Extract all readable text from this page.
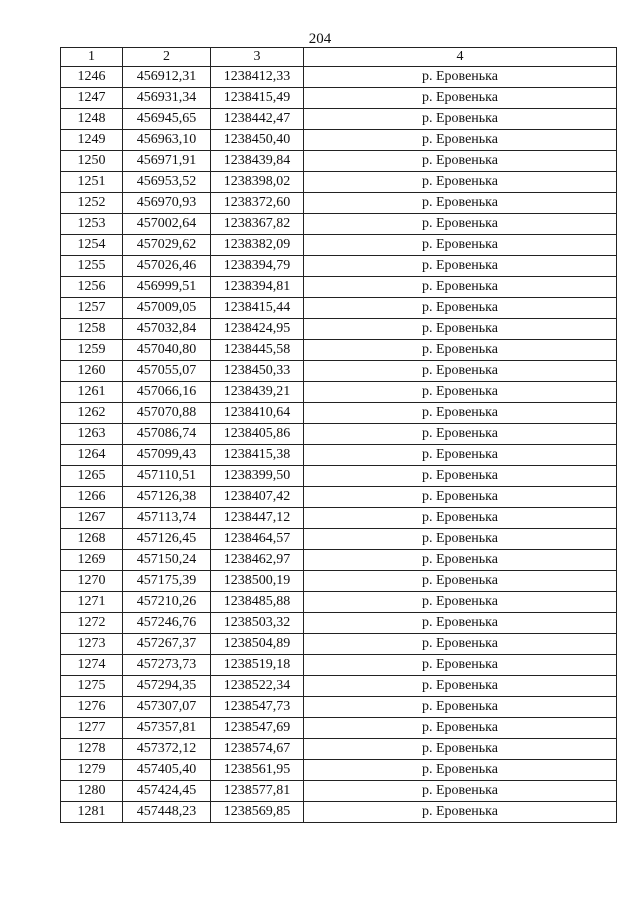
204
1	2	3	4
1246	456912,31	1238412,33	р. Еровенька
1247	456931,34	1238415,49	р. Еровенька
1248	456945,65	1238442,47	р. Еровенька
1249	456963,10	1238450,40	р. Еровенька
1250	456971,91	1238439,84	р. Еровенька
1251	456953,52	1238398,02	р. Еровенька
1252	456970,93	1238372,60	р. Еровенька
1253	457002,64	1238367,82	р. Еровенька
1254	457029,62	1238382,09	р. Еровенька
1255	457026,46	1238394,79	р. Еровенька
1256	456999,51	1238394,81	р. Еровенька
1257	457009,05	1238415,44	р. Еровенька
1258	457032,84	1238424,95	р. Еровенька
1259	457040,80	1238445,58	р. Еровенька
1260	457055,07	1238450,33	р. Еровенька
1261	457066,16	1238439,21	р. Еровенька
1262	457070,88	1238410,64	р. Еровенька
1263	457086,74	1238405,86	р. Еровенька
1264	457099,43	1238415,38	р. Еровенька
1265	457110,51	1238399,50	р. Еровенька
1266	457126,38	1238407,42	р. Еровенька
1267	457113,74	1238447,12	р. Еровенька
1268	457126,45	1238464,57	р. Еровенька
1269	457150,24	1238462,97	р. Еровенька
1270	457175,39	1238500,19	р. Еровенька
1271	457210,26	1238485,88	р. Еровенька
1272	457246,76	1238503,32	р. Еровенька
1273	457267,37	1238504,89	р. Еровенька
1274	457273,73	1238519,18	р. Еровенька
1275	457294,35	1238522,34	р. Еровенька
1276	457307,07	1238547,73	р. Еровенька
1277	457357,81	1238547,69	р. Еровенька
1278	457372,12	1238574,67	р. Еровенька
1279	457405,40	1238561,95	р. Еровенька
1280	457424,45	1238577,81	р. Еровенька
1281	457448,23	1238569,85	р. Еровенька
